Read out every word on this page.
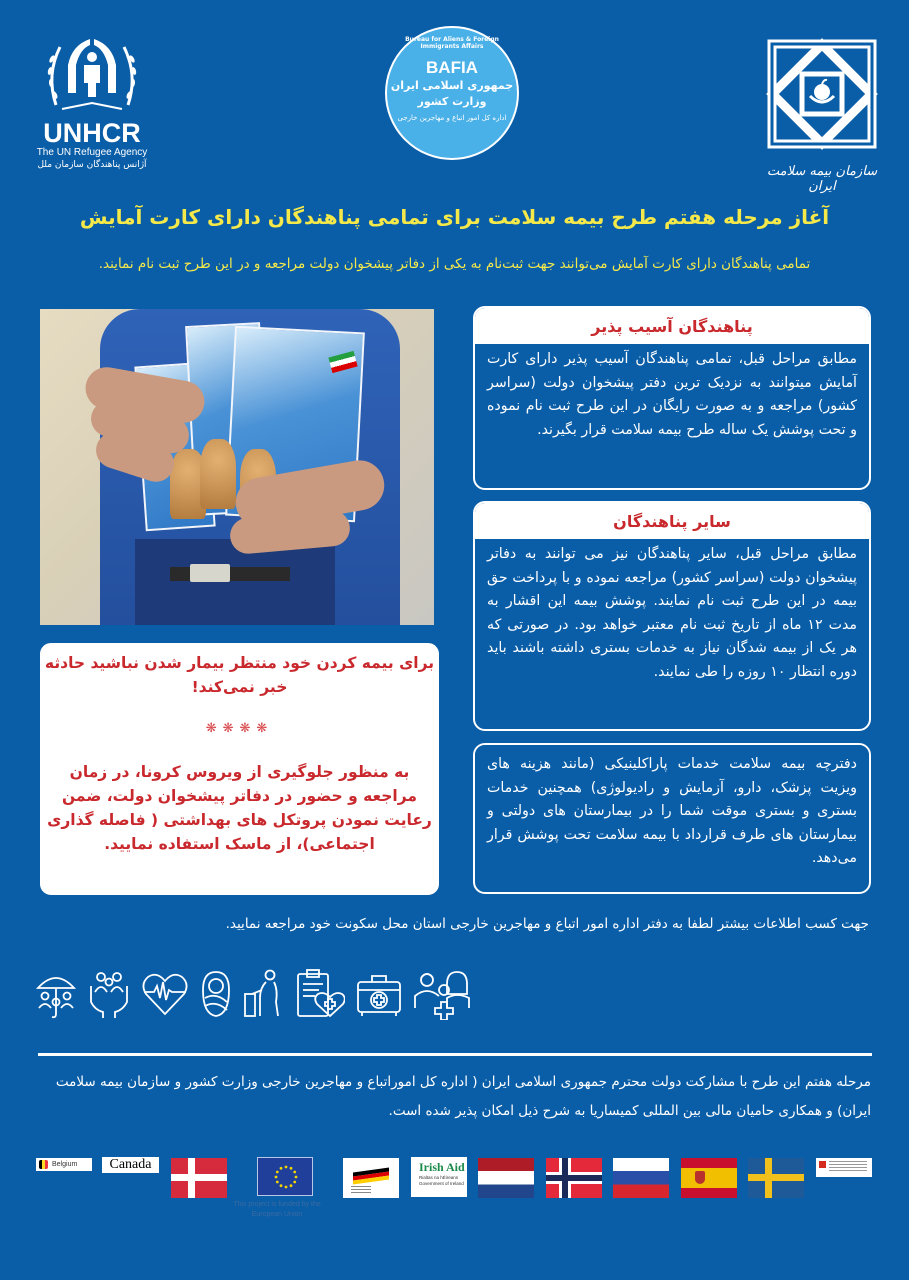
UNHCR
The UN Refugee Agency
آژانس پناهندگان سازمان ملل
Bureau for Aliens & Foreign Immigrants Affairs
BAFIA
جمهوری اسلامی ایران
وزارت کشور
اداره کل امور اتباع و مهاجرین خارجی
سازمان بیمه سلامت ایران
آغاز مرحله هفتم طرح بیمه سلامت برای تمامی پناهندگان دارای کارت آمایش
تمامی پناهندگان دارای کارت آمایش می‌توانند جهت ثبت‌نام به یکی از دفاتر پیشخوان دولت مراجعه و در این طرح ثبت نام نمایند.
برای بیمه کردن خود منتظر بیمار شدن نباشید حادثه خبر نمی‌کند!
❋❋❋❋
به منظور جلوگیری از ویروس کرونا، در زمان مراجعه و حضور در دفاتر پیشخوان دولت، ضمن رعایت نمودن پروتکل های بهداشتی ( فاصله گذاری اجتماعی)، از ماسک استفاده نمایید.
پناهندگان آسیب پذیر
مطابق مراحل قبل، تمامی پناهندگان آسیب پذیر دارای کارت آمایش میتوانند به نزدیک ترین دفتر پیشخوان دولت (سراسر کشور) مراجعه و به صورت رایگان در این طرح ثبت نام نموده و تحت پوشش یک ساله طرح بیمه سلامت قرار بگیرند.
سایر پناهندگان
مطابق مراحل قبل، سایر پناهندگان نیز می توانند به دفاتر پیشخوان دولت (سراسر کشور) مراجعه نموده و با پرداخت حق بیمه در این طرح ثبت نام نمایند. پوشش بیمه این اقشار به مدت ۱۲ ماه از تاریخ ثبت نام معتبر خواهد بود. در صورتی که هر یک از بیمه شدگان نیاز به خدمات بستری داشته باشند باید دوره انتظار ۱۰ روزه را طی نمایند.
دفترچه بیمه سلامت خدمات پاراکلینیکی (مانند هزینه های ویزیت پزشک، دارو، آزمایش و رادیولوژی) همچنین خدمات بستری و بستری موقت شما را در بیمارستان های دولتی و بیمارستان های طرف قرارداد با بیمه سلامت تحت پوشش قرار می‌دهد.
جهت کسب اطلاعات بیشتر لطفا به دفتر اداره امور اتباع و مهاجرین خارجی استان محل سکونت خود مراجعه نمایید.
مرحله هفتم این طرح با مشارکت دولت محترم جمهوری اسلامی ایران ( اداره کل اموراتباع و مهاجرین خارجی وزارت کشور و سازمان بیمه سلامت ایران) و همکاری حامیان مالی بین المللی کمیساریا به شرح ذیل امکان پذیر شده است.
Belgium	Canada
This project is funded by the European Union
Irish Aid
Rialtas na hÉireann Government of Ireland
